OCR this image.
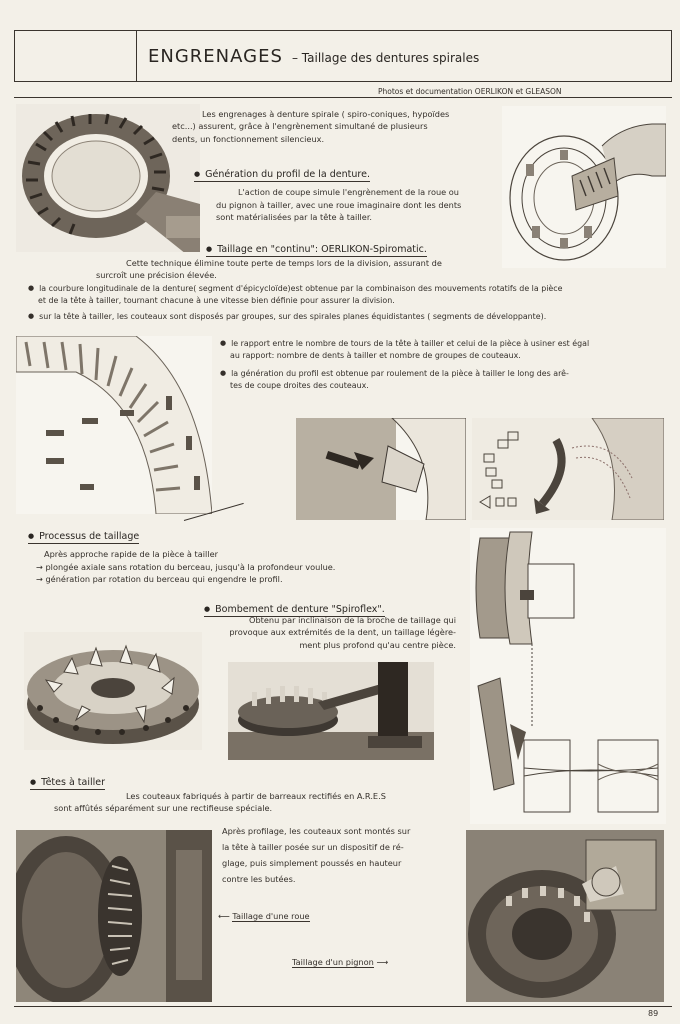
ENGRENAGES – Taillage des dentures spirales
Photos et documentation OERLIKON et GLEASON
Les engrenages à denture spirale ( spiro-coniques, hypoïdes
etc...) assurent, grâce à l'engrènement simultané de plusieurs
dents, un fonctionnement silencieux.
● Génération du profil de la denture.
L'action de coupe simule l'engrènement de la roue ou
du pignon à tailler, avec une roue imaginaire dont les dents
sont matérialisées par la tête à tailler.
● Taillage en "continu": OERLIKON-Spiromatic.
Cette technique élimine toute perte de temps lors de la division, assurant de
surcroît une précision élevée.
● la courbure longitudinale de la denture( segment d'épicycloïde)est obtenue par la combinaison des mouvements rotatifs de la pièce
et de la tête à tailler, tournant chacune à une vitesse bien définie pour assurer la division.
● sur la tête à tailler, les couteaux sont disposés par groupes, sur des spirales planes équidistantes ( segments de développante).
● le rapport entre le nombre de tours de la tête à tailler et celui de la pièce à usiner est égal
au rapport: nombre de dents à tailler et nombre de groupes de couteaux.
● la génération du profil est obtenue par roulement de la pièce à tailler le long des arê-
tes de coupe droites des couteaux.
● Processus de taillage
Après approche rapide de la pièce à tailler
→ plongée axiale sans rotation du berceau, jusqu'à la profondeur voulue.
→ génération par rotation du berceau qui engendre le profil.
● Bombement de denture "Spiroflex".
Obtenu par inclinaison de la broche de taillage qui
provoque aux extrémités de la dent, un taillage légère-
ment plus profond qu'au centre pièce.
● Têtes à tailler
Les couteaux fabriqués à partir de barreaux rectifiés en A.R.E.S
sont affûtés séparément sur une rectifieuse spéciale.
Après profilage, les couteaux sont montés sur
la tête à tailler posée sur un dispositif de ré-
glage, puis simplement poussés en hauteur
contre les butées.
⟵ Taillage d'une roue
Taillage d'un pignon ⟶
89
